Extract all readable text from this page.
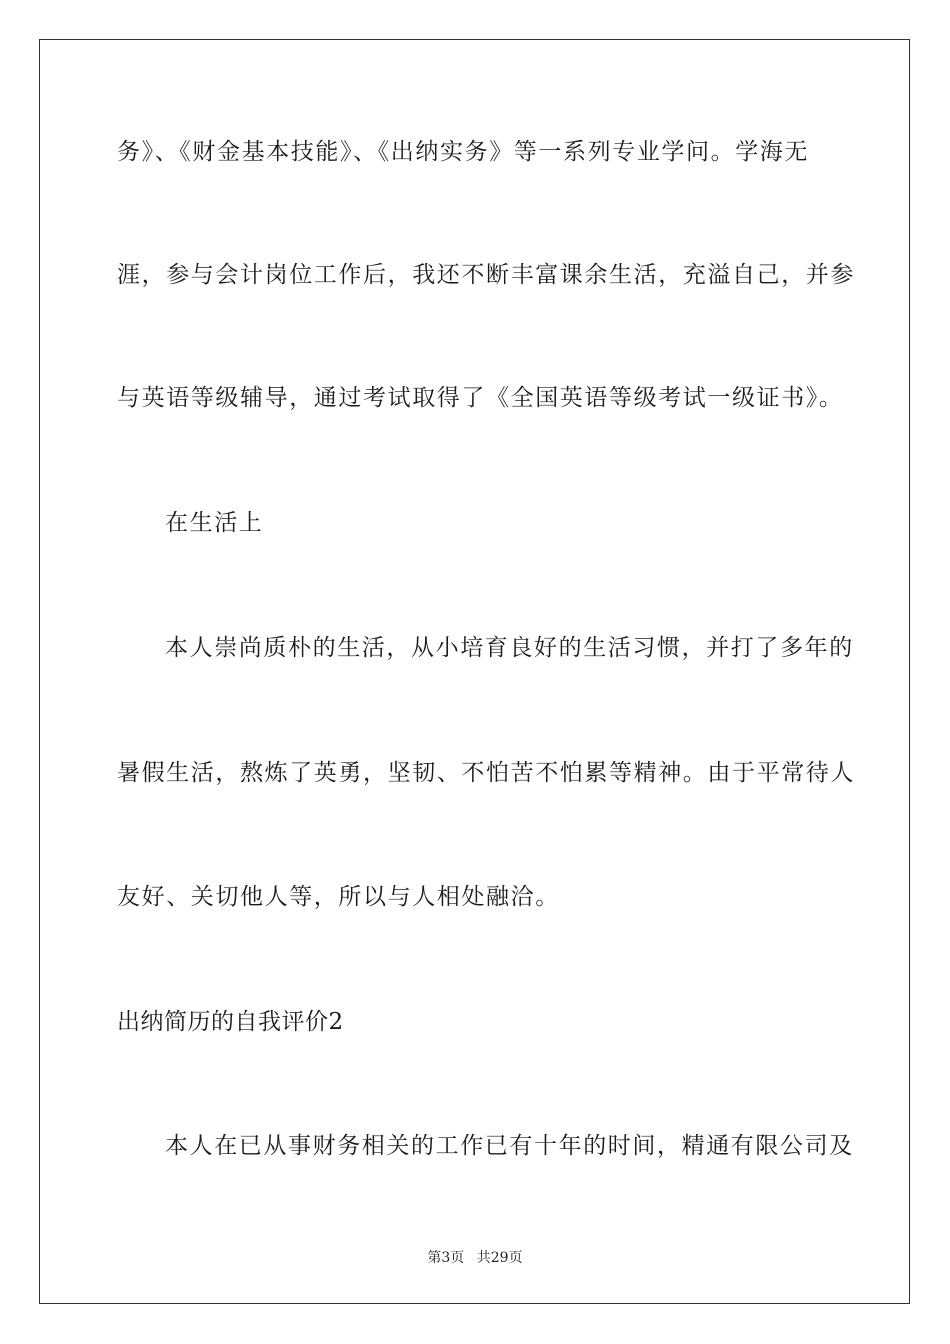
务》、《财金基本技能》、《出纳实务》等一系列专业学问。学海无
涯，参与会计岗位工作后，我还不断丰富课余生活，充溢自己，并参
与英语等级辅导，通过考试取得了《全国英语等级考试一级证书》。
在生活上
本人崇尚质朴的生活，从小培育良好的生活习惯，并打了多年的
暑假生活，熬炼了英勇，坚韧、不怕苦不怕累等精神。由于平常待人
友好、关切他人等，所以与人相处融洽。
出纳简历的自我评价2
本人在已从事财务相关的工作已有十年的时间，精通有限公司及
第3页 共29页
